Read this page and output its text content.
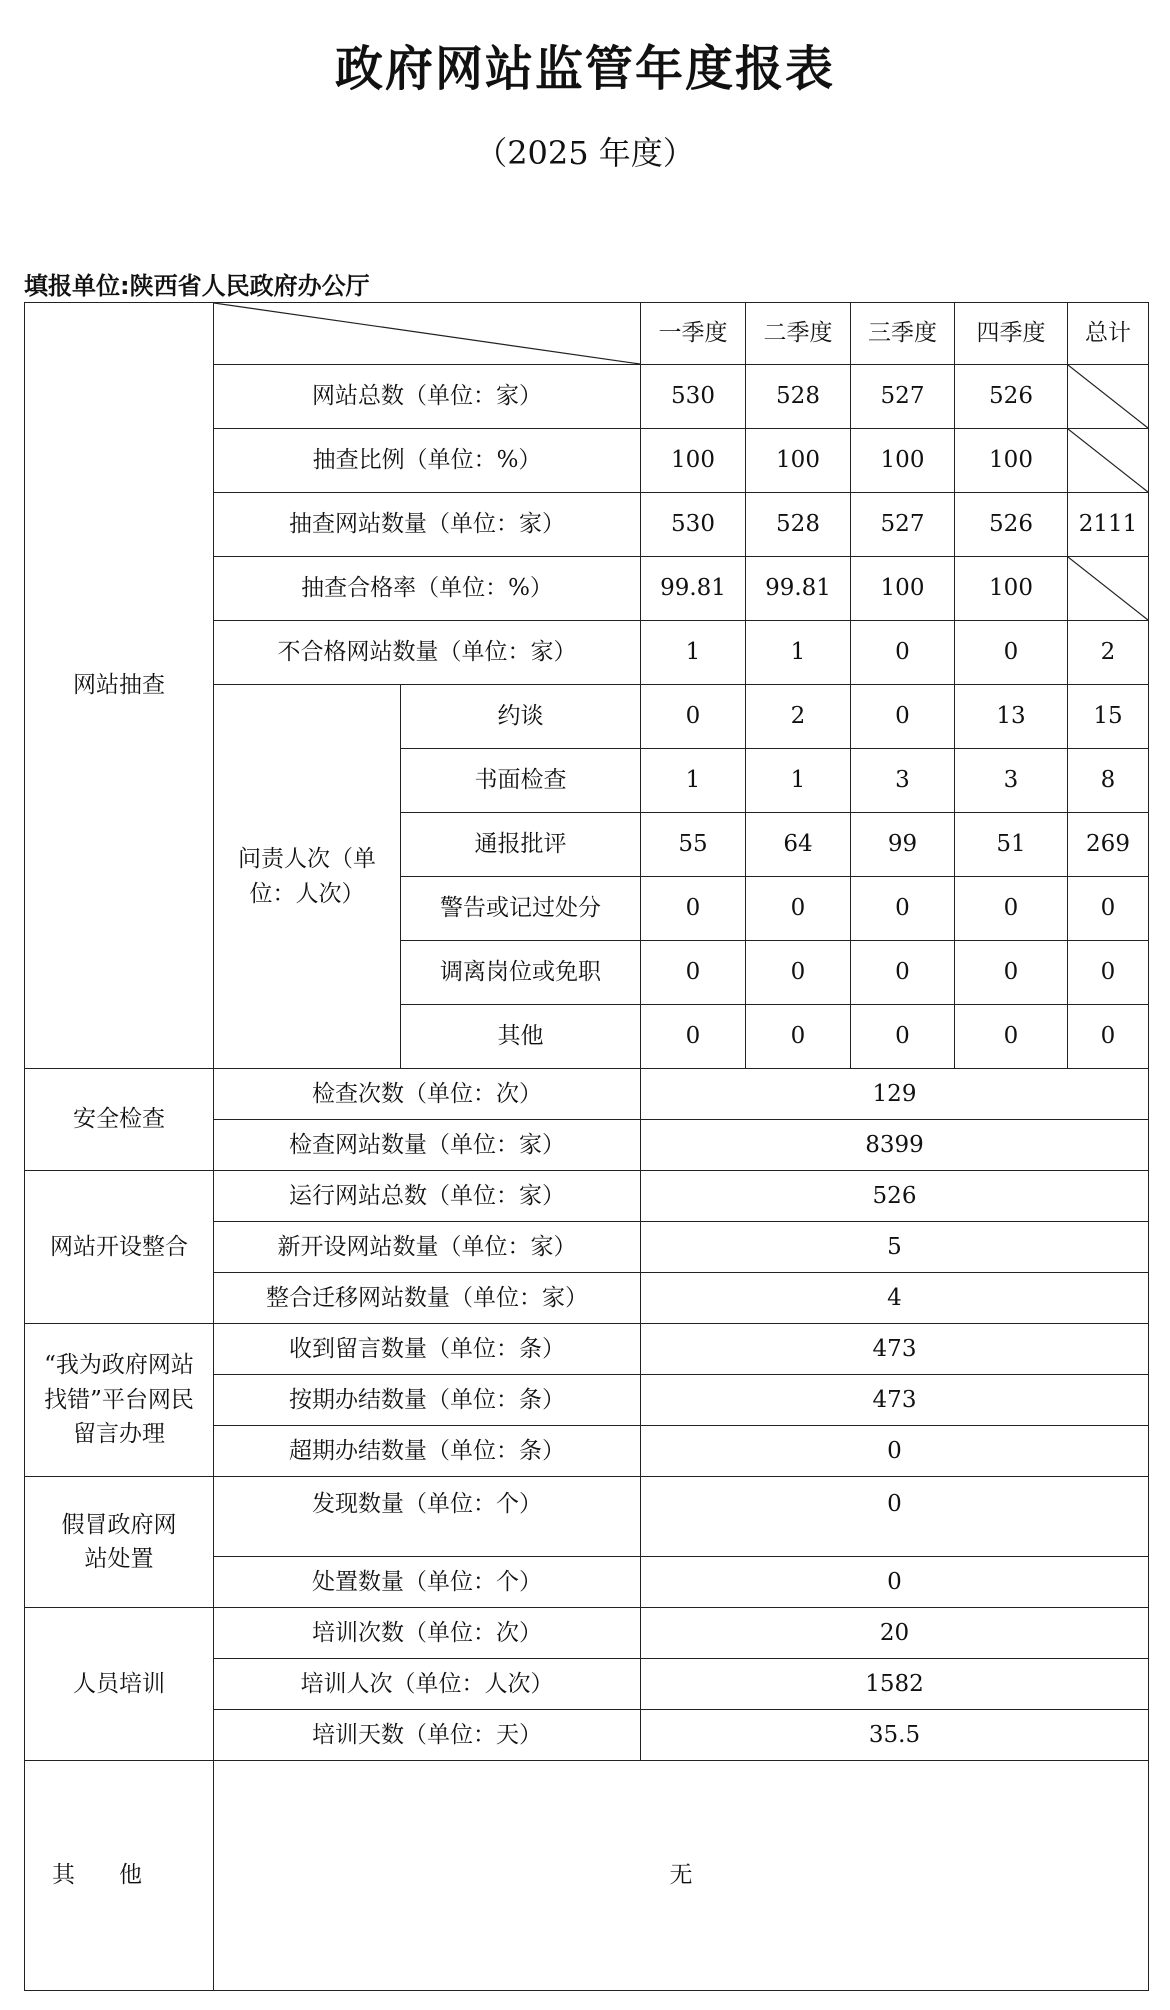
政府网站监管年度报表
（2025 年度）
填报单位:陕西省人民政府办公厅
网站抽查			一季度	二季度	三季度	四季度	总计
	网站总数（单位：家）		530	528	527	526	

	抽查比例（单位：%）		100	100	100	100	

	抽查网站数量（单位：家）		530	528	527	526	2111
	抽查合格率（单位：%）		99.81	99.81	100	100	

	不合格网站数量（单位：家）		1	1	0	0	2
	问责人次（单位：人次）	约谈	0	2	0	13	15
		书面检查	1	1	3	3	8
		通报批评	55	64	99	51	269
		警告或记过处分	0	0	0	0	0
		调离岗位或免职	0	0	0	0	0
		其他	0	0	0	0	0
安全检查	检查次数（单位：次）		129				
	检查网站数量（单位：家）		8399				
网站开设整合	运行网站总数（单位：家）		526				
	新开设网站数量（单位：家）		5				
	整合迁移网站数量（单位：家）		4				
“我为政府网站找错”平台网民留言办理	收到留言数量（单位：条）		473				
	按期办结数量（单位：条）		473				
	超期办结数量（单位：条）		0				
假冒政府网站处置	发现数量（单位：个）		0				
	处置数量（单位：个）		0				
人员培训	培训次数（单位：次）		20				
	培训人次（单位：人次）		1582				
	培训天数（单位：天）		35.5				
其他	无						
